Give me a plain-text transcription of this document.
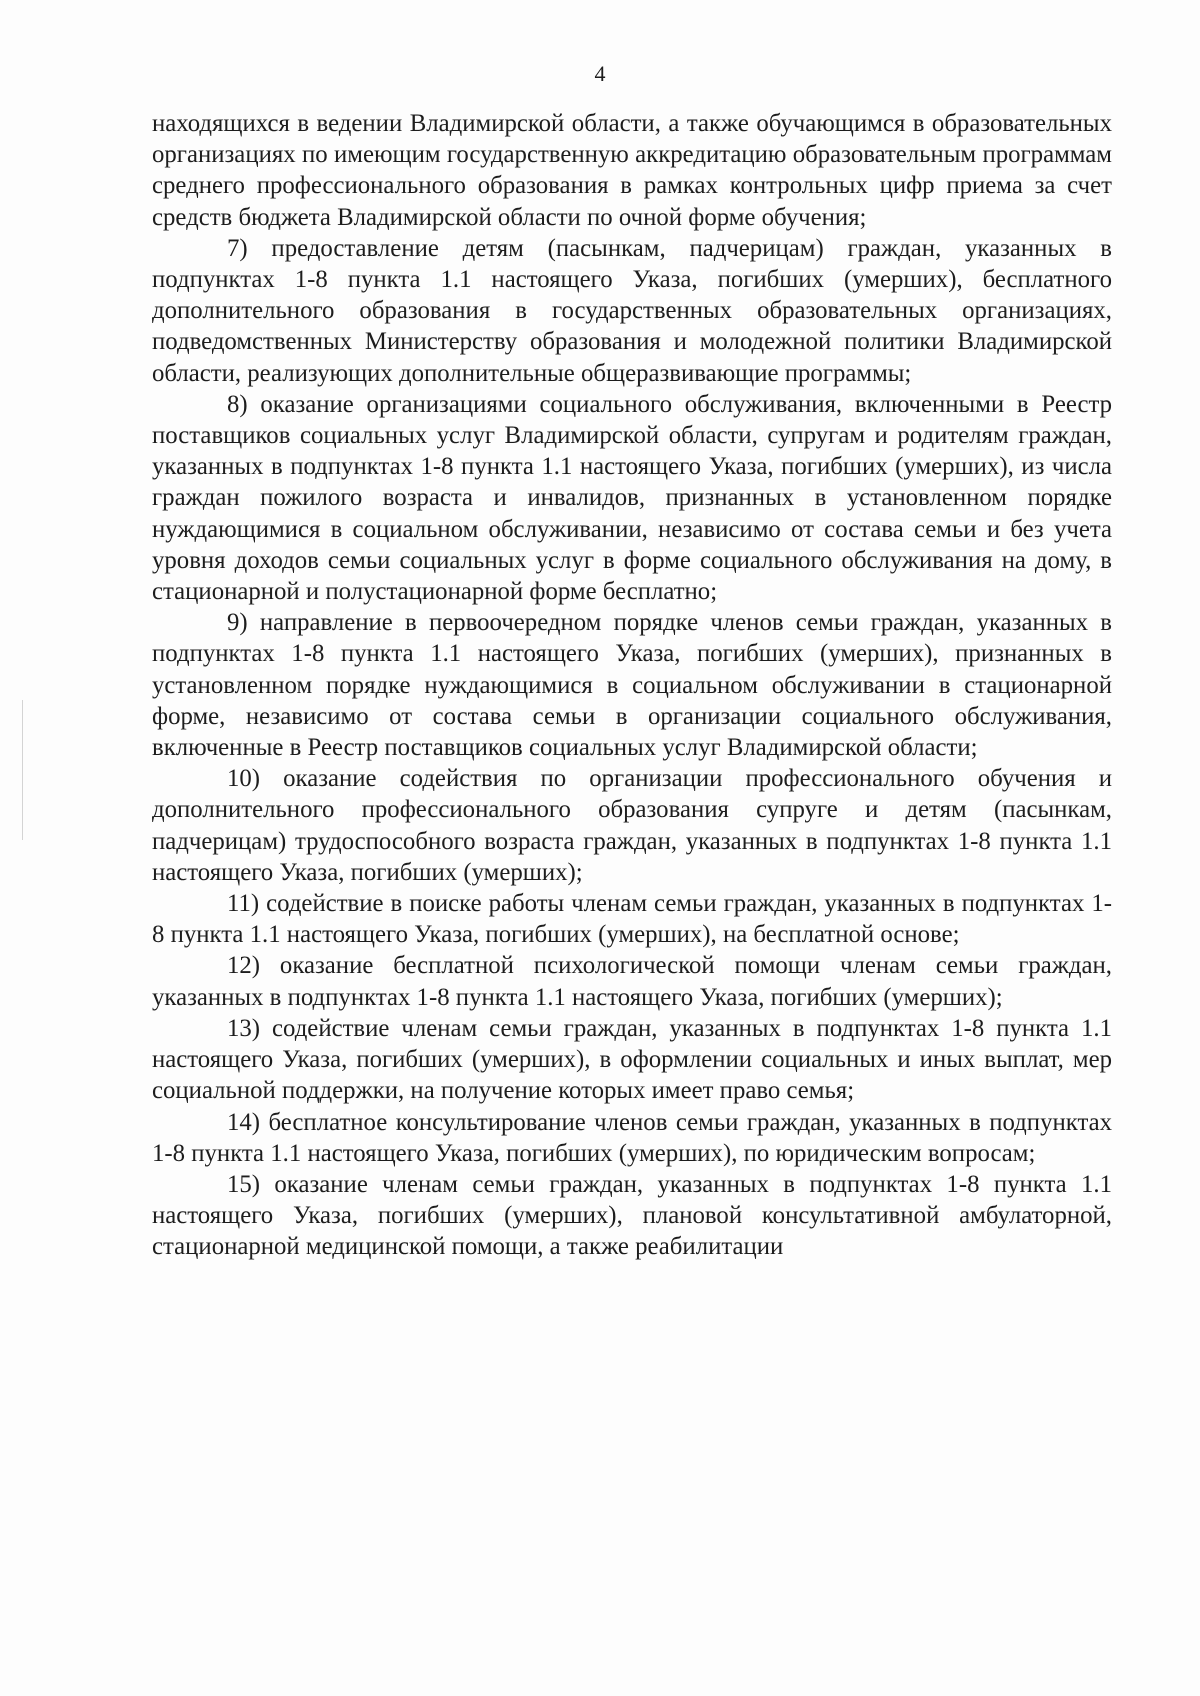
4

находящихся в ведении Владимирской области, а также обучающимся в образовательных организациях по имеющим государственную аккредитацию образовательным программам среднего профессионального образования в рамках контрольных цифр приема за счет средств бюджета Владимирской области по очной форме обучения;

7) предоставление детям (пасынкам, падчерицам) граждан, указанных в подпунктах 1-8 пункта 1.1 настоящего Указа, погибших (умерших), бесплатного дополнительного образования в государственных образовательных организациях, подведомственных Министерству образования и молодежной политики Владимирской области, реализующих дополнительные общеразвивающие программы;

8) оказание организациями социального обслуживания, включенными в Реестр поставщиков социальных услуг Владимирской области, супругам и родителям граждан, указанных в подпунктах 1-8 пункта 1.1 настоящего Указа, погибших (умерших), из числа граждан пожилого возраста и инвалидов, признанных в установленном порядке нуждающимися в социальном обслуживании, независимо от состава семьи и без учета уровня доходов семьи социальных услуг в форме социального обслуживания на дому, в стационарной и полустационарной форме бесплатно;

9) направление в первоочередном порядке членов семьи граждан, указанных в подпунктах 1-8 пункта 1.1 настоящего Указа, погибших (умерших), признанных в установленном порядке нуждающимися в социальном обслуживании в стационарной форме, независимо от состава семьи в организации социального обслуживания, включенные в Реестр поставщиков социальных услуг Владимирской области;

10) оказание содействия по организации профессионального обучения и дополнительного профессионального образования супруге и детям (пасынкам, падчерицам) трудоспособного возраста граждан, указанных в подпунктах 1-8 пункта 1.1 настоящего Указа, погибших (умерших);

11) содействие в поиске работы членам семьи граждан, указанных в подпунктах 1-8 пункта 1.1 настоящего Указа, погибших (умерших), на бесплатной основе;

12) оказание бесплатной психологической помощи членам семьи граждан, указанных в подпунктах 1-8 пункта 1.1 настоящего Указа, погибших (умерших);

13) содействие членам семьи граждан, указанных в подпунктах 1-8 пункта 1.1 настоящего Указа, погибших (умерших), в оформлении социальных и иных выплат, мер социальной поддержки, на получение которых имеет право семья;

14) бесплатное консультирование членов семьи граждан, указанных в подпунктах 1-8 пункта 1.1 настоящего Указа, погибших (умерших), по юридическим вопросам;

15) оказание членам семьи граждан, указанных в подпунктах 1-8 пункта 1.1 настоящего Указа, погибших (умерших), плановой консультативной амбулаторной, стационарной медицинской помощи, а также реабилитации
